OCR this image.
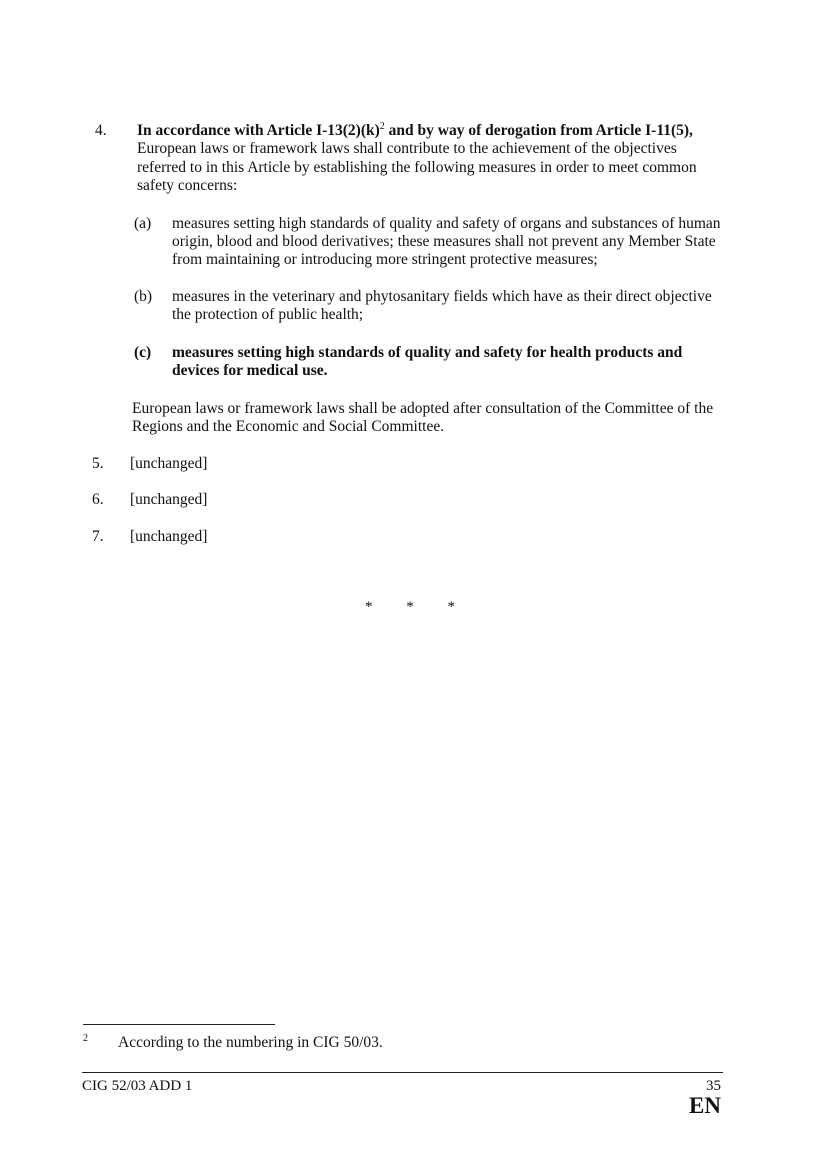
4. In accordance with Article $I-13(2)(k)^2$ and by way of derogation from Article I-11(5),
European laws or framework laws shall contribute to the achievement of the objectives
referred to in this Article by establishing the following measures in order to meet common
safety concerns:
(a) measures setting high standards of quality and safety of organs and substances of human
origin, blood and blood derivatives; these measures shall not prevent any Member State
from maintaining or introducing more stringent protective measures;
(b) measures in the veterinary and phytosanitary fields which have as their direct objective
the protection of public health;
(c) measures setting high standards of quality and safety for health products and
devices for medical use.
European laws or framework laws shall be adopted after consultation of the Committee of the
Regions and the Economic and Social Committee.
5. [unchanged]
6. [unchanged]
7. [unchanged]
* * *
2 According to the numbering in CIG 50/03.
CIG 52/03 ADD 1	35
EN
